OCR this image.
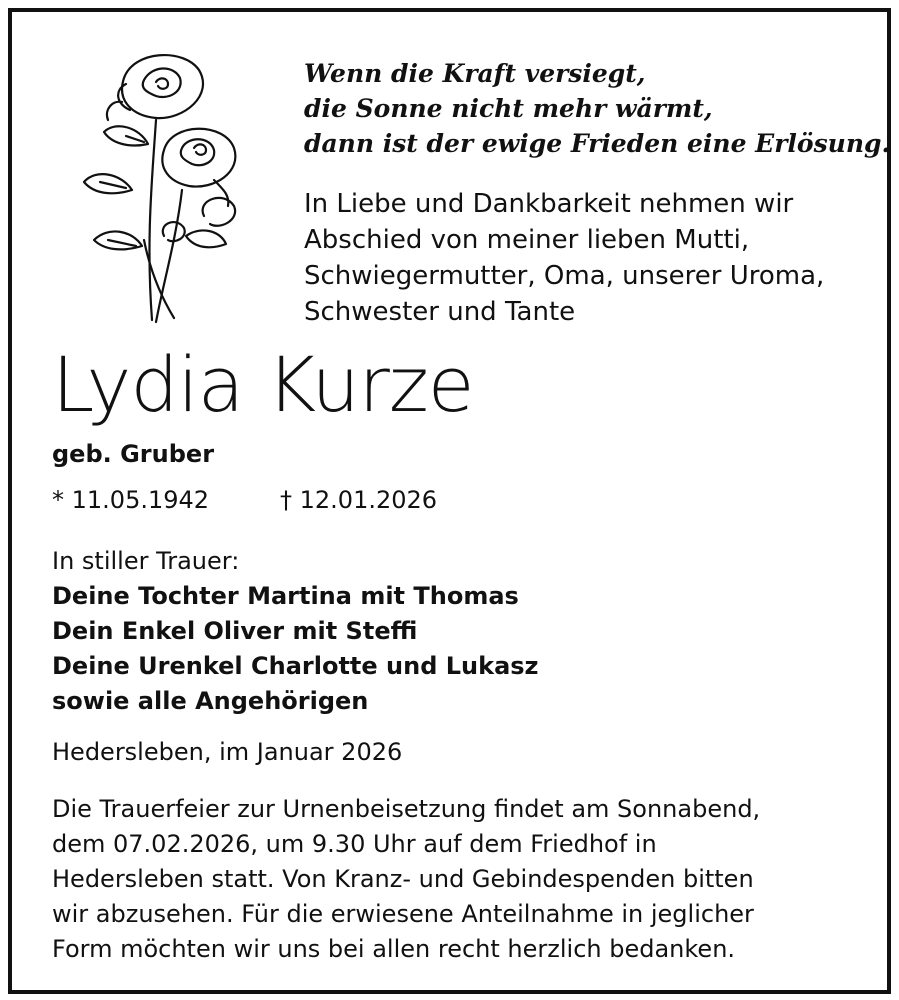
Wenn die Kraft versiegt,
die Sonne nicht mehr wärmt,
dann ist der ewige Frieden eine Erlösung.
In Liebe und Dankbarkeit nehmen wir
Abschied von meiner lieben Mutti,
Schwiegermutter, Oma, unserer Uroma,
Schwester und Tante
Lydia Kurze
geb. Gruber
* 11.05.1942	† 12.01.2026
In stiller Trauer:
Deine Tochter Martina mit Thomas
Dein Enkel Oliver mit Steffi
Deine Urenkel Charlotte und Lukasz
sowie alle Angehörigen
Hedersleben, im Januar 2026
Die Trauerfeier zur Urnenbeisetzung findet am Sonnabend,
dem 07.02.2026, um 9.30 Uhr auf dem Friedhof in
Hedersleben statt. Von Kranz- und Gebindespenden bitten
wir abzusehen. Für die erwiesene Anteilnahme in jeglicher
Form möchten wir uns bei allen recht herzlich bedanken.
